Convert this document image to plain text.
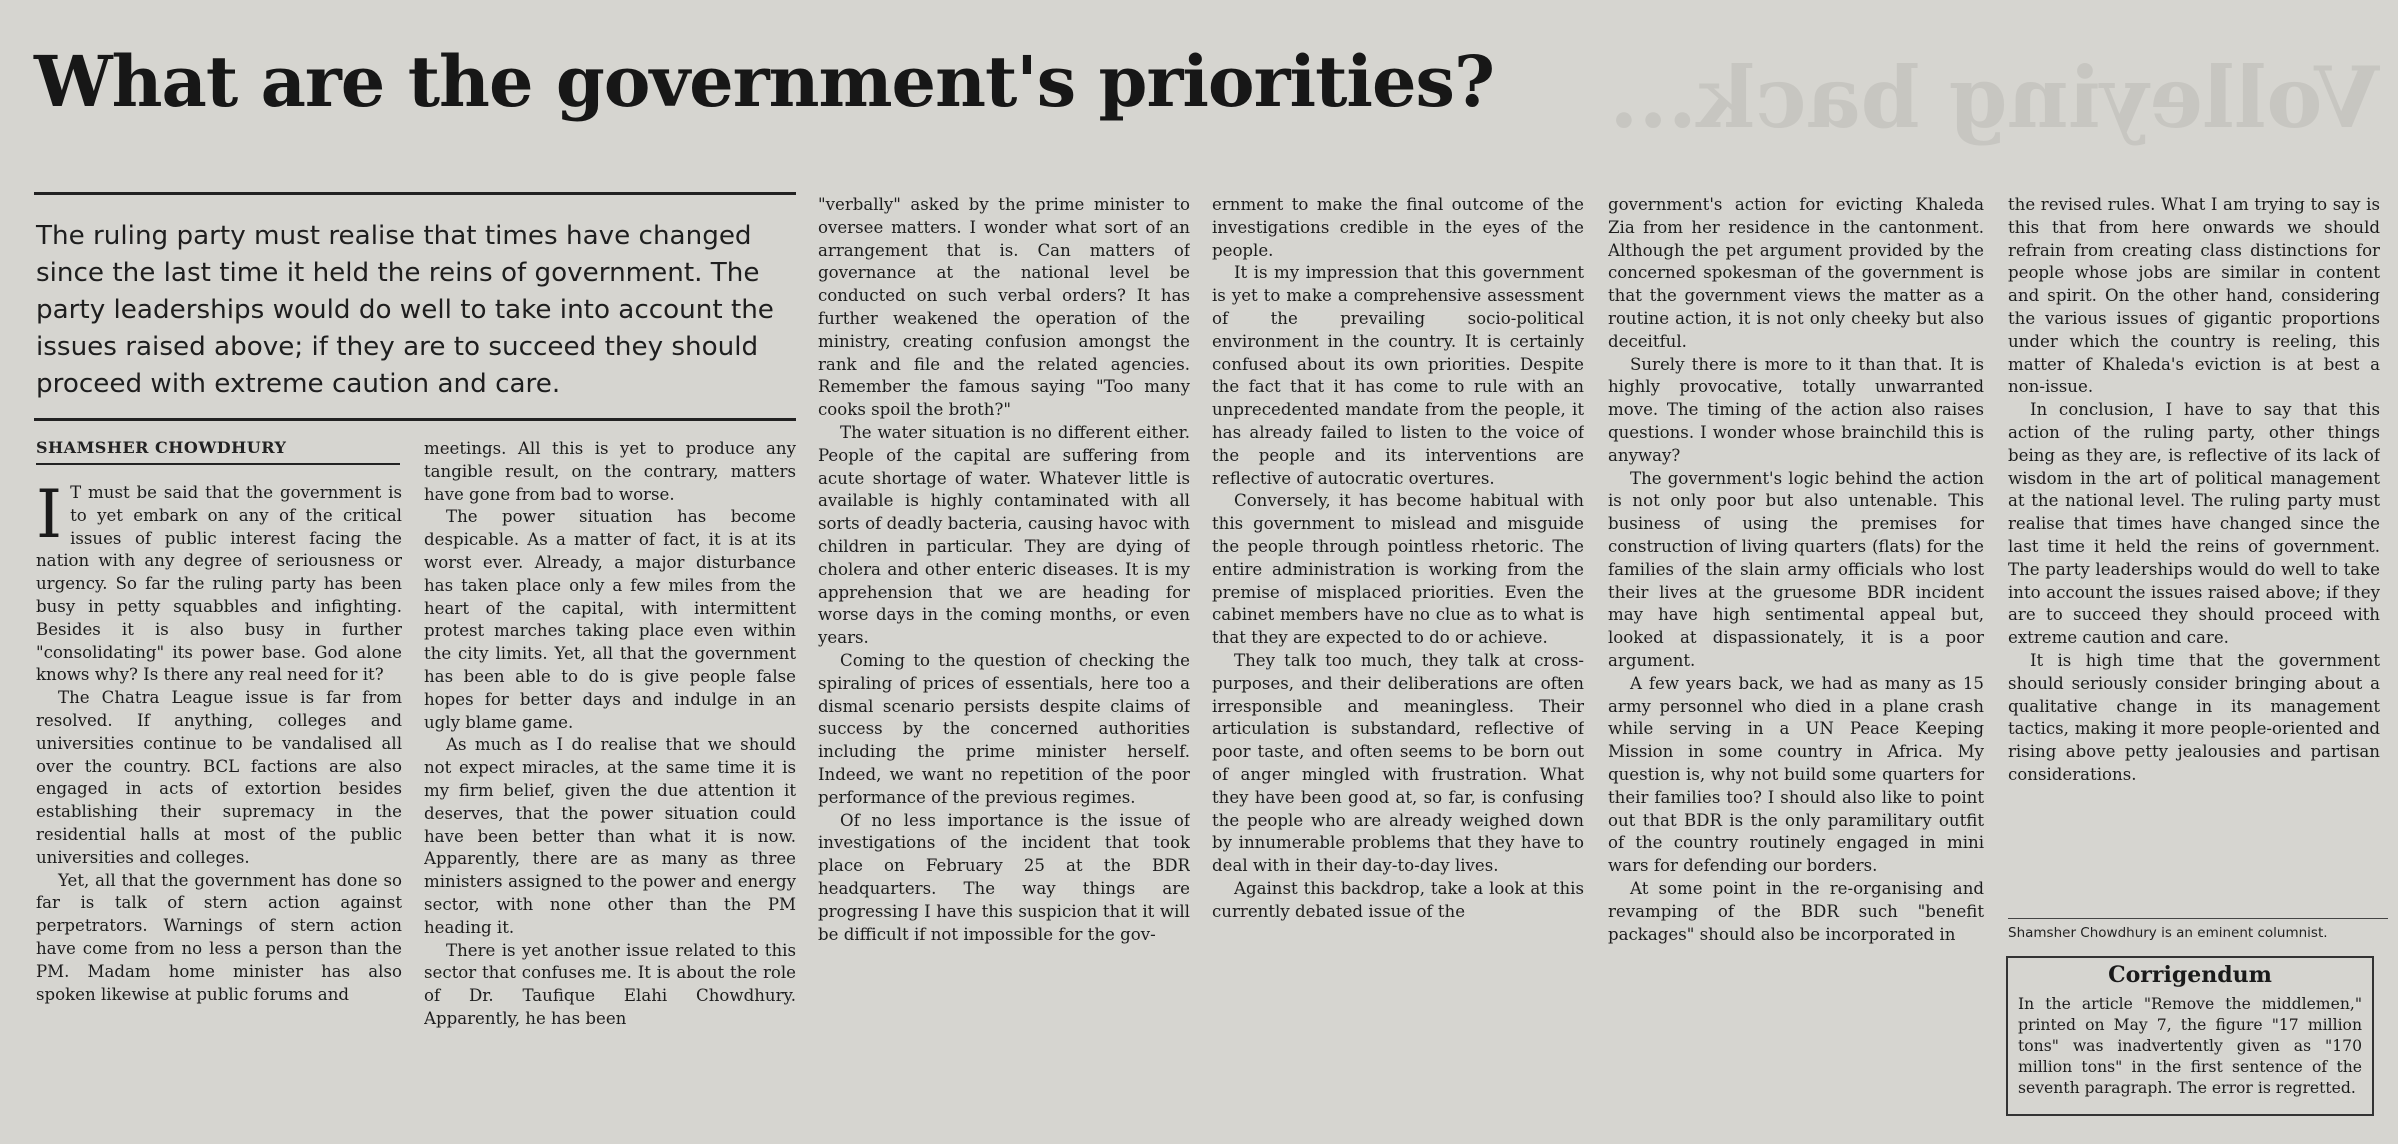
Volleying back...
What are the government's priorities?

The ruling party must realise that times have changed since the last time it held the reins of government. The party leaderships would do well to take into account the issues raised above; if they are to succeed they should proceed with extreme caution and care.

SHAMSHER CHOWDHURY

I T must be said that the government is to yet embark on any of the critical issues of public interest facing the nation with any degree of seriousness or urgency. So far the ruling party has been busy in petty squabbles and infighting. Besides it is also busy in further "consolidating" its power base. God alone knows why? Is there any real need for it?

The Chatra League issue is far from resolved. If anything, colleges and universities continue to be vandalised all over the country. BCL factions are also engaged in acts of extortion besides establishing their supremacy in the residential halls at most of the public universities and colleges.

Yet, all that the government has done so far is talk of stern action against perpetrators. Warnings of stern action have come from no less a person than the PM. Madam home minister has also spoken likewise at public forums and

meetings. All this is yet to produce any tangible result, on the contrary, matters have gone from bad to worse.

The power situation has become despicable. As a matter of fact, it is at its worst ever. Already, a major disturbance has taken place only a few miles from the heart of the capital, with intermittent protest marches taking place even within the city limits. Yet, all that the government has been able to do is give people false hopes for better days and indulge in an ugly blame game.

As much as I do realise that we should not expect miracles, at the same time it is my firm belief, given the due attention it deserves, that the power situation could have been better than what it is now. Apparently, there are as many as three ministers assigned to the power and energy sector, with none other than the PM heading it.

There is yet another issue related to this sector that confuses me. It is about the role of Dr. Taufique Elahi Chowdhury. Apparently, he has been

"verbally" asked by the prime minister to oversee matters. I wonder what sort of an arrangement that is. Can matters of governance at the national level be conducted on such verbal orders? It has further weakened the operation of the ministry, creating confusion amongst the rank and file and the related agencies. Remember the famous saying "Too many cooks spoil the broth?"

The water situation is no different either. People of the capital are suffering from acute shortage of water. Whatever little is available is highly contaminated with all sorts of deadly bacteria, causing havoc with children in particular. They are dying of cholera and other enteric diseases. It is my apprehension that we are heading for worse days in the coming months, or even years.

Coming to the question of checking the spiraling of prices of essentials, here too a dismal scenario persists despite claims of success by the concerned authorities including the prime minister herself. Indeed, we want no repetition of the poor performance of the previous regimes.

Of no less importance is the issue of investigations of the incident that took place on February 25 at the BDR headquarters. The way things are progressing I have this suspicion that it will be difficult if not impossible for the gov-

ernment to make the final outcome of the investigations credible in the eyes of the people.

It is my impression that this government is yet to make a comprehensive assessment of the prevailing socio-political environment in the country. It is certainly confused about its own priorities. Despite the fact that it has come to rule with an unprecedented mandate from the people, it has already failed to listen to the voice of the people and its interventions are reflective of autocratic overtures.

Conversely, it has become habitual with this government to mislead and misguide the people through pointless rhetoric. The entire administration is working from the premise of misplaced priorities. Even the cabinet members have no clue as to what is that they are expected to do or achieve.

They talk too much, they talk at cross-purposes, and their deliberations are often irresponsible and meaningless. Their articulation is substandard, reflective of poor taste, and often seems to be born out of anger mingled with frustration. What they have been good at, so far, is confusing the people who are already weighed down by innumerable problems that they have to deal with in their day-to-day lives.

Against this backdrop, take a look at this currently debated issue of the

government's action for evicting Khaleda Zia from her residence in the cantonment. Although the pet argument provided by the concerned spokesman of the government is that the government views the matter as a routine action, it is not only cheeky but also deceitful.

Surely there is more to it than that. It is highly provocative, totally unwarranted move. The timing of the action also raises questions. I wonder whose brainchild this is anyway?

The government's logic behind the action is not only poor but also untenable. This business of using the premises for construction of living quarters (flats) for the families of the slain army officials who lost their lives at the gruesome BDR incident may have high sentimental appeal but, looked at dispassionately, it is a poor argument.

A few years back, we had as many as 15 army personnel who died in a plane crash while serving in a UN Peace Keeping Mission in some country in Africa. My question is, why not build some quarters for their families too? I should also like to point out that BDR is the only paramilitary outfit of the country routinely engaged in mini wars for defending our borders.

At some point in the re-organising and revamping of the BDR such "benefit packages" should also be incorporated in

the revised rules. What I am trying to say is this that from here onwards we should refrain from creating class distinctions for people whose jobs are similar in content and spirit. On the other hand, considering the various issues of gigantic proportions under which the country is reeling, this matter of Khaleda's eviction is at best a non-issue.

In conclusion, I have to say that this action of the ruling party, other things being as they are, is reflective of its lack of wisdom in the art of political management at the national level. The ruling party must realise that times have changed since the last time it held the reins of government. The party leaderships would do well to take into account the issues raised above; if they are to succeed they should proceed with extreme caution and care.

It is high time that the government should seriously consider bringing about a qualitative change in its management tactics, making it more people-oriented and rising above petty jealousies and partisan considerations.

Shamsher Chowdhury is an eminent columnist.
Corrigendum

In the article "Remove the middlemen," printed on May 7, the figure "17 million tons" was inadvertently given as "170 million tons" in the first sentence of the seventh paragraph. The error is regretted.
